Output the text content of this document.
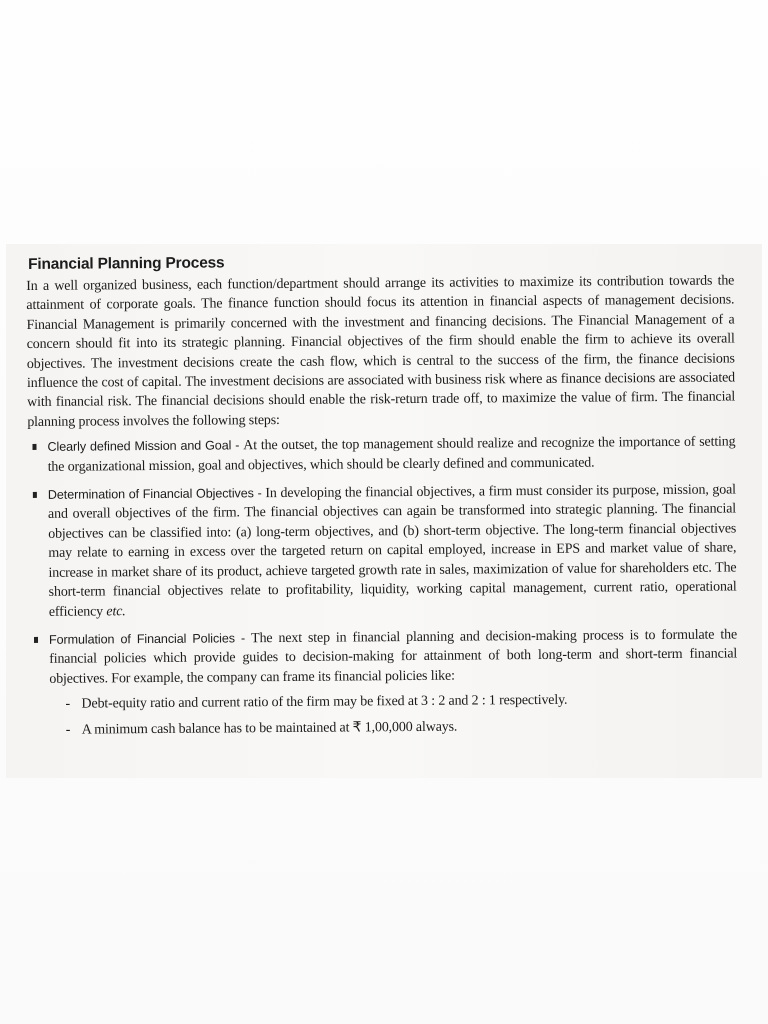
Financial Planning Process

In a well organized business, each function/department should arrange its activities to maximize its contribution towards the attainment of corporate goals. The finance function should focus its attention in financial aspects of management decisions. Financial Management is primarily concerned with the investment and financing decisions. The Financial Management of a concern should fit into its strategic planning. Financial objectives of the firm should enable the firm to achieve its overall objectives. The investment decisions create the cash flow, which is central to the success of the firm, the finance decisions influence the cost of capital. The investment decisions are associated with business risk where as finance decisions are associated with financial risk. The financial decisions should enable the risk-return trade off, to maximize the value of firm. The financial planning process involves the following steps:

Clearly defined Mission and Goal - At the outset, the top management should realize and recognize the importance of setting the organizational mission, goal and objectives, which should be clearly defined and communicated.
Determination of Financial Objectives - In developing the financial objectives, a firm must consider its purpose, mission, goal and overall objectives of the firm. The financial objectives can again be transformed into strategic planning. The financial objectives can be classified into: (a) long-term objectives, and (b) short-term objective. The long-term financial objectives may relate to earning in excess over the targeted return on capital employed, increase in EPS and market value of share, increase in market share of its product, achieve targeted growth rate in sales, maximization of value for shareholders etc. The short-term financial objectives relate to profitability, liquidity, working capital management, current ratio, operational efficiency etc.
Formulation of Financial Policies - The next step in financial planning and decision-making process is to formulate the financial policies which provide guides to decision-making for attainment of both long-term and short-term financial objectives. For example, the company can frame its financial policies like:
- Debt-equity ratio and current ratio of the firm may be fixed at 3 : 2 and 2 : 1 respectively.
- A minimum cash balance has to be maintained at ₹ 1,00,000 always.
